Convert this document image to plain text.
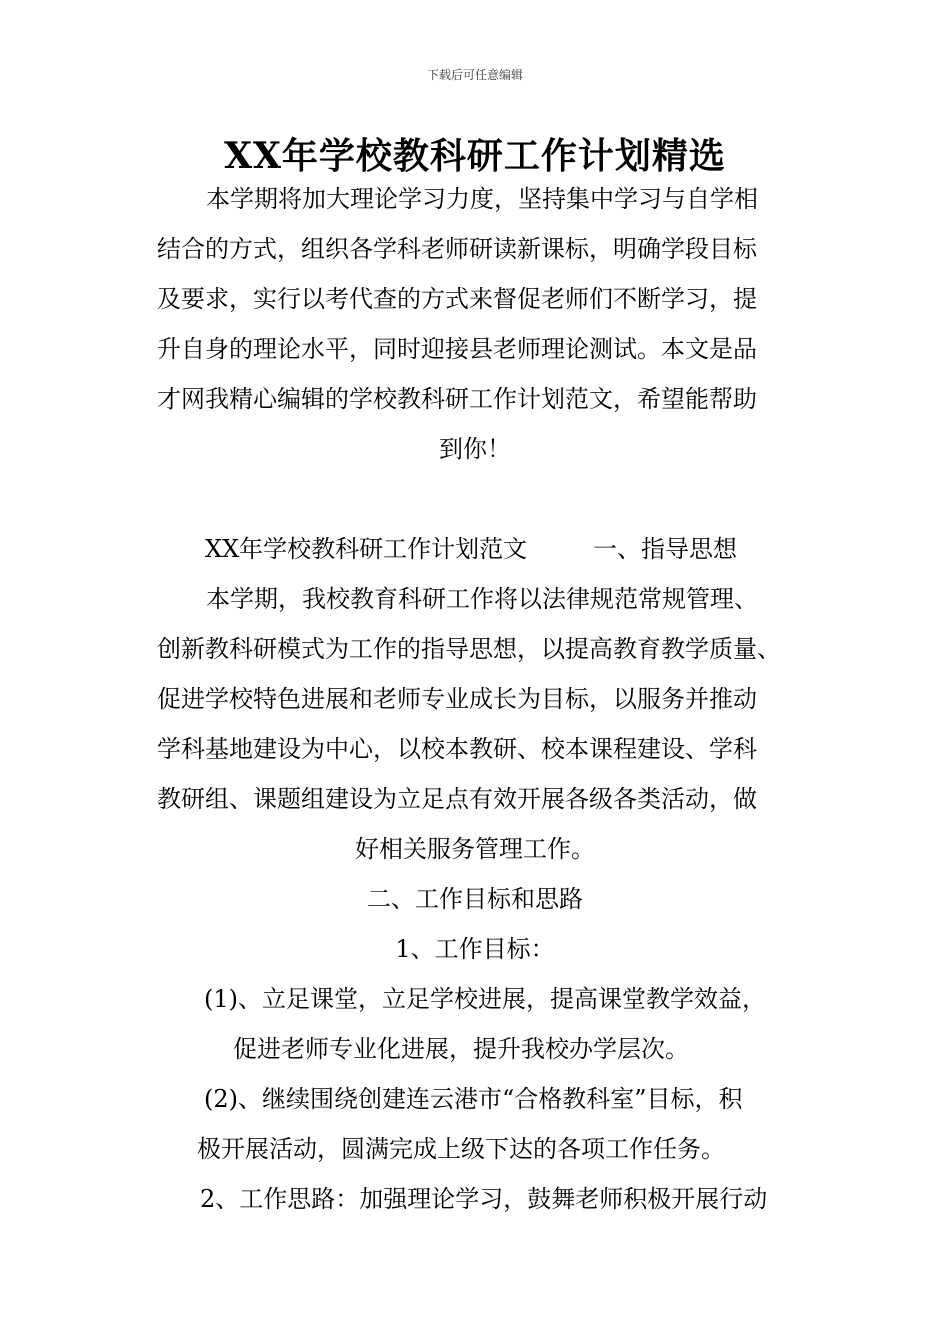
下载后可任意编辑
XX年学校教科研工作计划精选
本学期将加大理论学习力度，坚持集中学习与自学相
结合的方式，组织各学科老师研读新课标，明确学段目标
及要求，实行以考代查的方式来督促老师们不断学习，提
升自身的理论水平，同时迎接县老师理论测试。本文是品
才网我精心编辑的学校教科研工作计划范文，希望能帮助
到你！
XX年学校教科研工作计划范文	一、指导思想
本学期，我校教育科研工作将以法律规范常规管理、
创新教科研模式为工作的指导思想，以提高教育教学质量、
促进学校特色进展和老师专业成长为目标，以服务并推动
学科基地建设为中心，以校本教研、校本课程建设、学科
教研组、课题组建设为立足点有效开展各级各类活动，做
好相关服务管理工作。
二、工作目标和思路
1、工作目标：
(1)、立足课堂，立足学校进展，提高课堂教学效益，
促进老师专业化进展，提升我校办学层次。
(2)、继续围绕创建连云港市“合格教科室”目标，积
极开展活动，圆满完成上级下达的各项工作任务。
2、工作思路：加强理论学习，鼓舞老师积极开展行动
